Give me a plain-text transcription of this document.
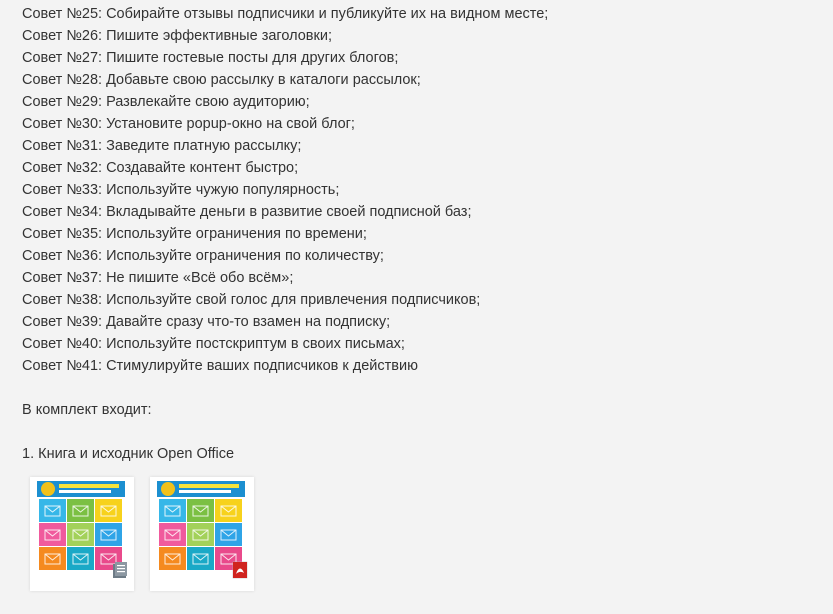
Совет №25: Собирайте отзывы подписчики и публикуйте их на видном месте;
Совет №26: Пишите эффективные заголовки;
Совет №27: Пишите гостевые посты для других блогов;
Совет №28: Добавьте свою рассылку в каталоги рассылок;
Совет №29: Развлекайте свою аудиторию;
Совет №30: Установите popup-окно на свой блог;
Совет №31: Заведите платную рассылку;
Совет №32: Создавайте контент быстро;
Совет №33: Используйте чужую популярность;
Совет №34: Вкладывайте деньги в развитие своей подписной баз;
Совет №35: Используйте ограничения по времени;
Совет №36: Используйте ограничения по количеству;
Совет №37: Не пишите «Всё обо всём»;
Совет №38: Используйте свой голос для привлечения подписчиков;
Совет №39: Давайте сразу что-то взамен на подписку;
Совет №40: Используйте постскриптум в своих письмах;
Совет №41: Стимулируйте ваших подписчиков к действию
В комплект входит:
1. Книга и исходник Open Office
